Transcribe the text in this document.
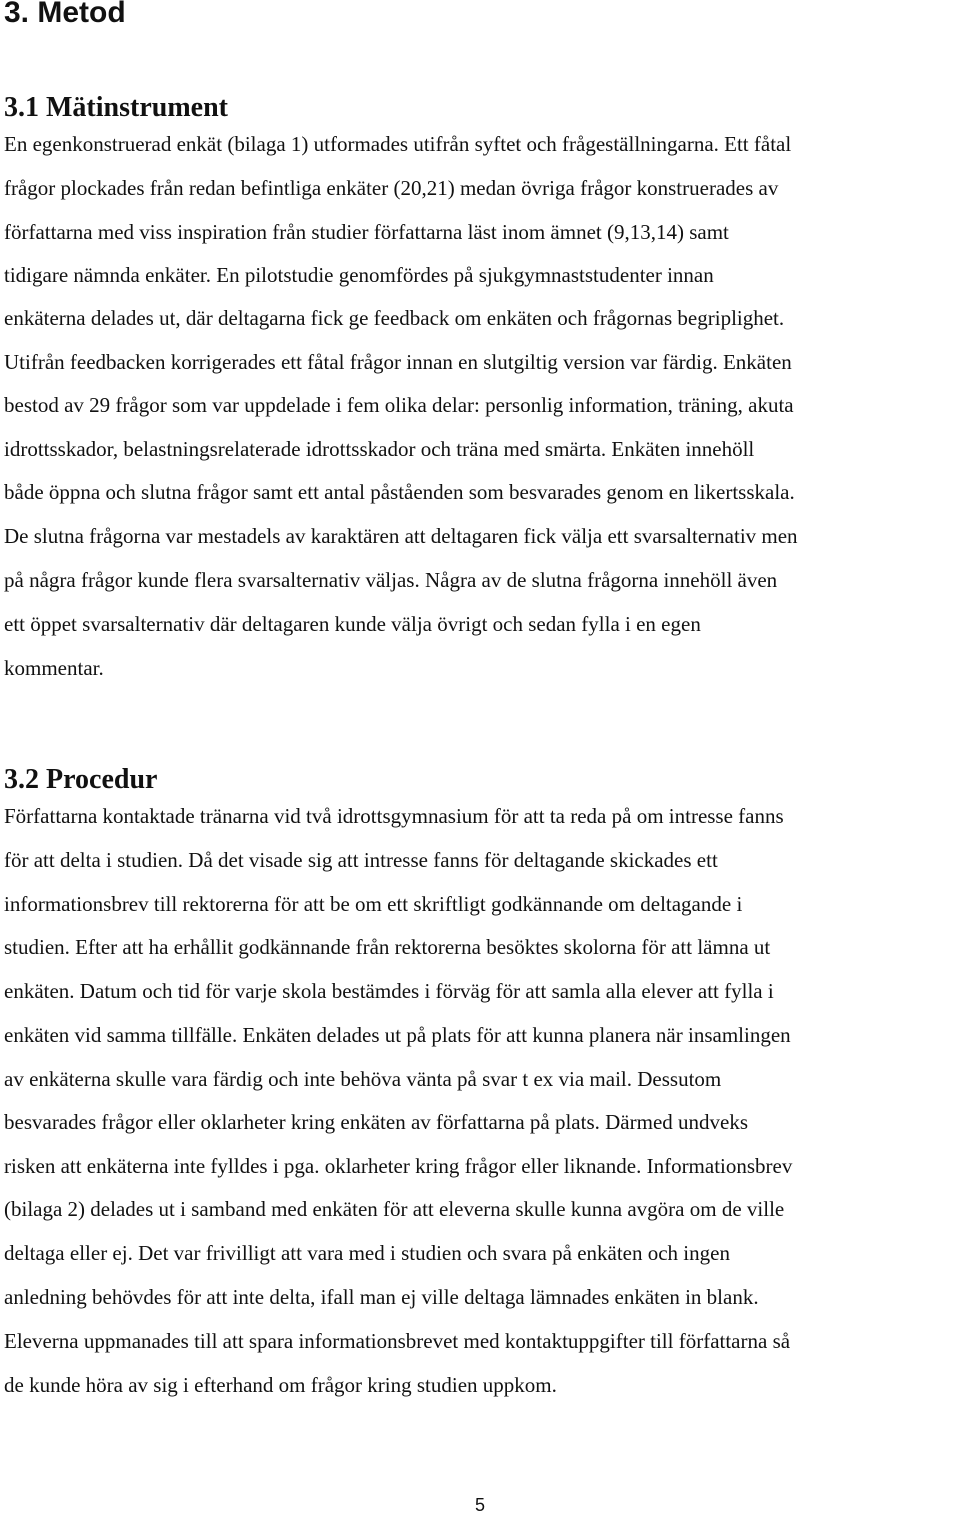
3. Metod
3.1 Mätinstrument

En egenkonstruerad enkät (bilaga 1) utformades utifrån syftet och frågeställningarna. Ett fåtal

frågor plockades från redan befintliga enkäter (20,21) medan övriga frågor konstruerades av

författarna med viss inspiration från studier författarna läst inom ämnet (9,13,14) samt

tidigare nämnda enkäter. En pilotstudie genomfördes på sjukgymnaststudenter innan

enkäterna delades ut, där deltagarna fick ge feedback om enkäten och frågornas begriplighet.

Utifrån feedbacken korrigerades ett fåtal frågor innan en slutgiltig version var färdig. Enkäten

bestod av 29 frågor som var uppdelade i fem olika delar: personlig information, träning, akuta

idrottsskador, belastningsrelaterade idrottsskador och träna med smärta. Enkäten innehöll

både öppna och slutna frågor samt ett antal påståenden som besvarades genom en likertsskala.

De slutna frågorna var mestadels av karaktären att deltagaren fick välja ett svarsalternativ men

på några frågor kunde flera svarsalternativ väljas. Några av de slutna frågorna innehöll även

ett öppet svarsalternativ där deltagaren kunde välja övrigt och sedan fylla i en egen

kommentar.

3.2 Procedur

Författarna kontaktade tränarna vid två idrottsgymnasium för att ta reda på om intresse fanns

för att delta i studien. Då det visade sig att intresse fanns för deltagande skickades ett

informationsbrev till rektorerna för att be om ett skriftligt godkännande om deltagande i

studien. Efter att ha erhållit godkännande från rektorerna besöktes skolorna för att lämna ut

enkäten. Datum och tid för varje skola bestämdes i förväg för att samla alla elever att fylla i

enkäten vid samma tillfälle. Enkäten delades ut på plats för att kunna planera när insamlingen

av enkäterna skulle vara färdig och inte behöva vänta på svar t ex via mail. Dessutom

besvarades frågor eller oklarheter kring enkäten av författarna på plats. Därmed undveks

risken att enkäterna inte fylldes i pga. oklarheter kring frågor eller liknande. Informationsbrev

(bilaga 2) delades ut i samband med enkäten för att eleverna skulle kunna avgöra om de ville

deltaga eller ej. Det var frivilligt att vara med i studien och svara på enkäten och ingen

anledning behövdes för att inte delta, ifall man ej ville deltaga lämnades enkäten in blank.

Eleverna uppmanades till att spara informationsbrevet med kontaktuppgifter till författarna så

de kunde höra av sig i efterhand om frågor kring studien uppkom.

5
